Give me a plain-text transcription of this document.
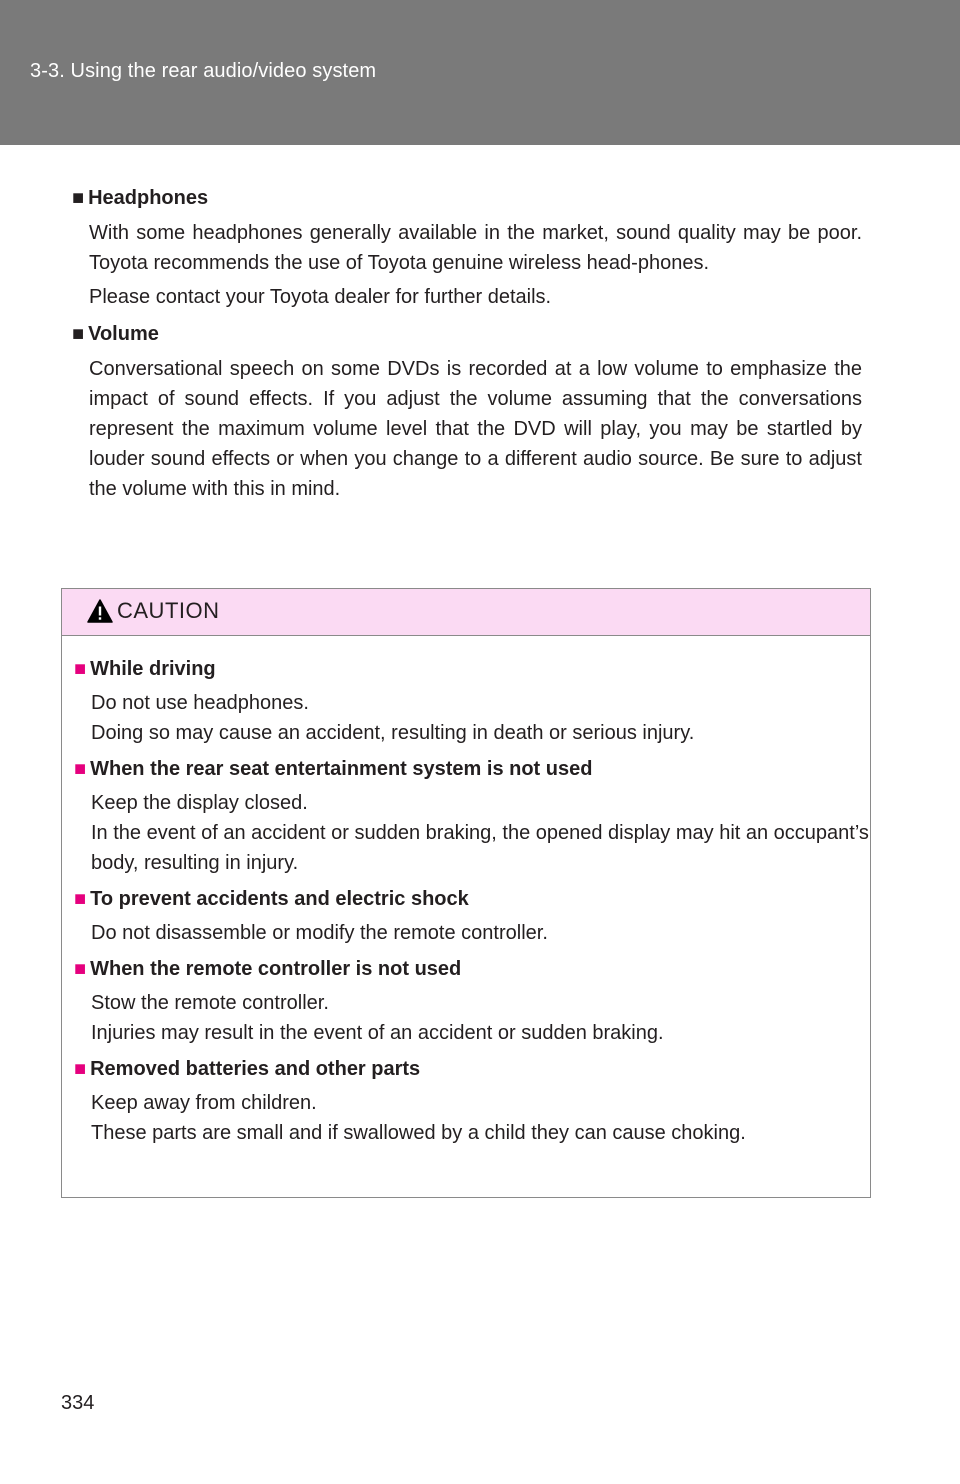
3-3. Using the rear audio/video system

■ Headphones

With some headphones generally available in the market, sound quality may be poor. Toyota recommends the use of Toyota genuine wireless head-phones.

Please contact your Toyota dealer for further details.

■ Volume

Conversational speech on some DVDs is recorded at a low volume to emphasize the impact of sound effects. If you adjust the volume assuming that the conversations represent the maximum volume level that the DVD will play, you may be startled by louder sound effects or when you change to a different audio source. Be sure to adjust the volume with this in mind.

CAUTION

■ While driving

Do not use headphones.
Doing so may cause an accident, resulting in death or serious injury.

■ When the rear seat entertainment system is not used

Keep the display closed.
In the event of an accident or sudden braking, the opened display may hit an occupant’s body, resulting in injury.

■ To prevent accidents and electric shock

Do not disassemble or modify the remote controller.

■ When the remote controller is not used

Stow the remote controller.
Injuries may result in the event of an accident or sudden braking.

■ Removed batteries and other parts

Keep away from children.
These parts are small and if swallowed by a child they can cause choking.

334
